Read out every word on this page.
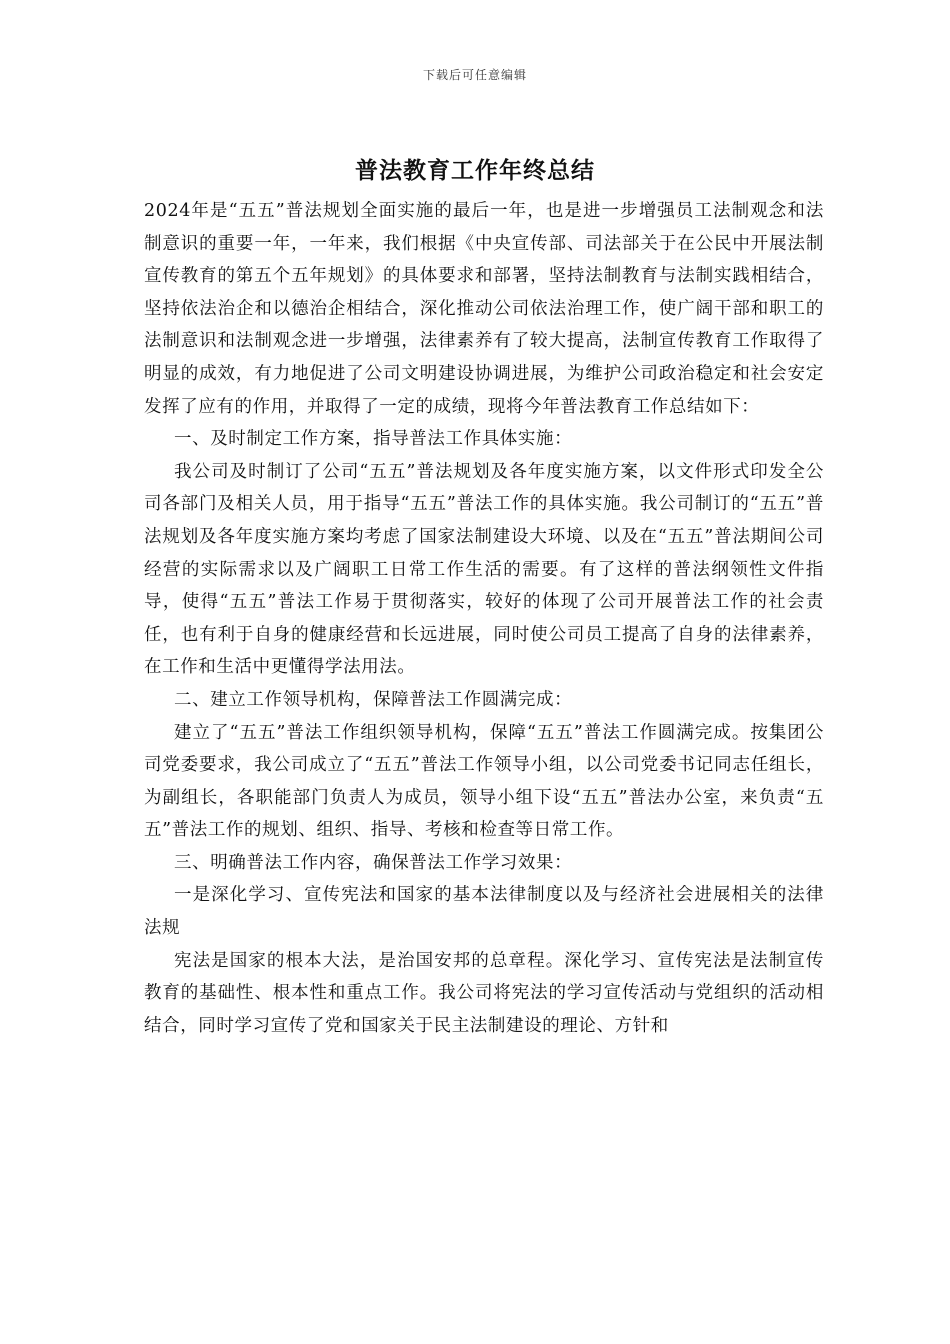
下载后可任意编辑
普法教育工作年终总结

2024年是“五五”普法规划全面实施的最后一年，也是进一步增强员工法制观念和法制意识的重要一年，一年来，我们根据《中央宣传部、司法部关于在公民中开展法制宣传教育的第五个五年规划》的具体要求和部署，坚持法制教育与法制实践相结合，坚持依法治企和以德治企相结合，深化推动公司依法治理工作，使广阔干部和职工的法制意识和法制观念进一步增强，法律素养有了较大提高，法制宣传教育工作取得了明显的成效，有力地促进了公司文明建设协调进展，为维护公司政治稳定和社会安定发挥了应有的作用，并取得了一定的成绩，现将今年普法教育工作总结如下：

一、及时制定工作方案，指导普法工作具体实施：

我公司及时制订了公司“五五”普法规划及各年度实施方案，以文件形式印发全公司各部门及相关人员，用于指导“五五”普法工作的具体实施。我公司制订的“五五”普法规划及各年度实施方案均考虑了国家法制建设大环境、以及在“五五”普法期间公司经营的实际需求以及广阔职工日常工作生活的需要。有了这样的普法纲领性文件指导，使得“五五”普法工作易于贯彻落实，较好的体现了公司开展普法工作的社会责任，也有利于自身的健康经营和长远进展，同时使公司员工提高了自身的法律素养，在工作和生活中更懂得学法用法。

二、建立工作领导机构，保障普法工作圆满完成：

建立了“五五”普法工作组织领导机构，保障“五五”普法工作圆满完成。按集团公司党委要求，我公司成立了“五五”普法工作领导小组，以公司党委书记同志任组长，为副组长，各职能部门负责人为成员，领导小组下设“五五”普法办公室，来负责“五五”普法工作的规划、组织、指导、考核和检查等日常工作。

三、明确普法工作内容，确保普法工作学习效果：

一是深化学习、宣传宪法和国家的基本法律制度以及与经济社会进展相关的法律法规

宪法是国家的根本大法，是治国安邦的总章程。深化学习、宣传宪法是法制宣传教育的基础性、根本性和重点工作。我公司将宪法的学习宣传活动与党组织的活动相结合，同时学习宣传了党和国家关于民主法制建设的理论、方针和
